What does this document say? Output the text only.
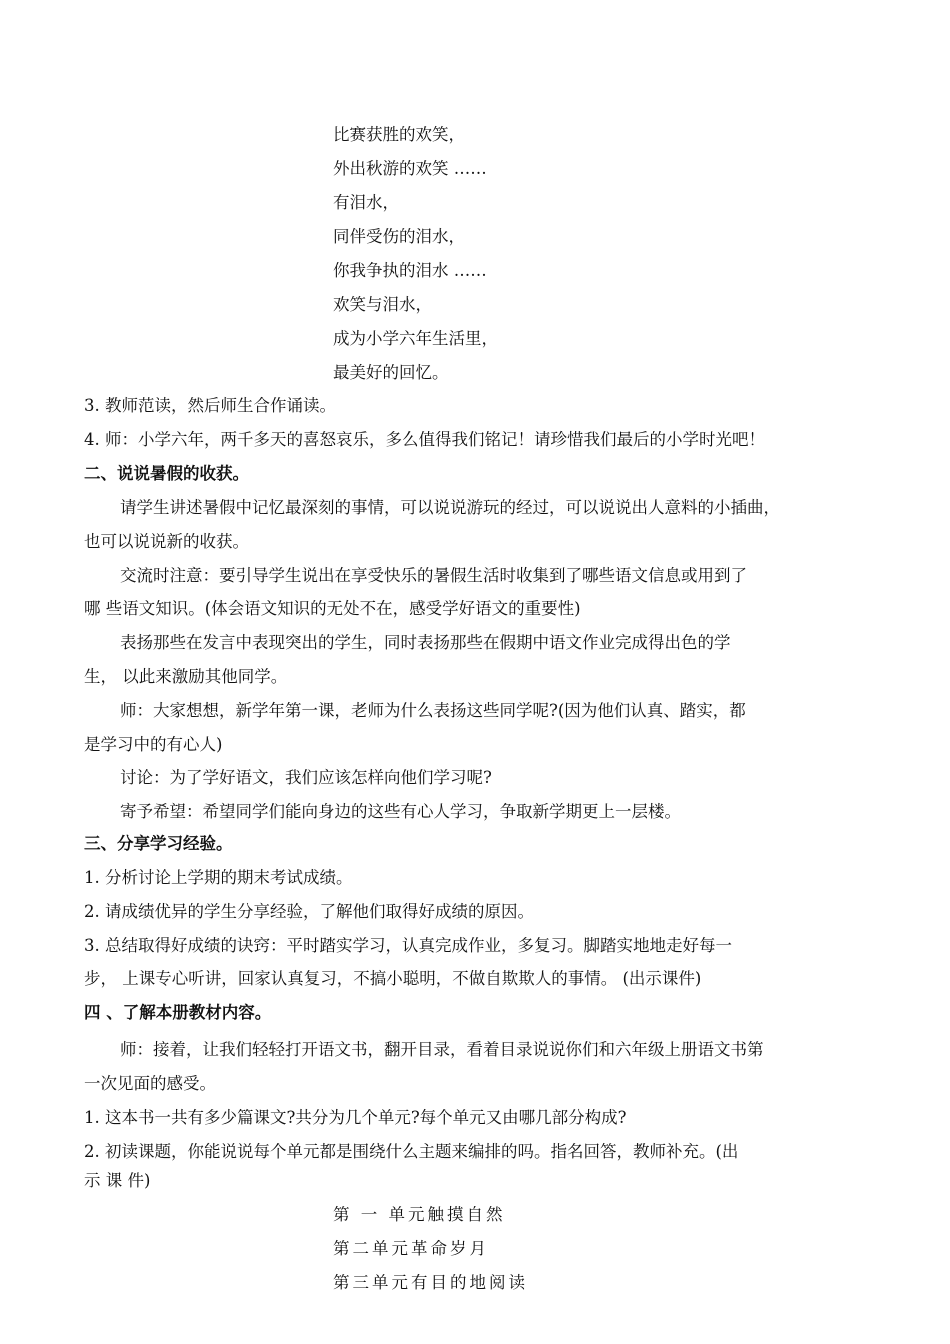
比赛获胜的欢笑，
外出秋游的欢笑 ……
有泪水，
同伴受伤的泪水，
你我争执的泪水 ……
欢笑与泪水，
成为小学六年生活里，
最美好的回忆。
3. 教师范读，然后师生合作诵读。
4. 师：小学六年，两千多天的喜怒哀乐，多么值得我们铭记！请珍惜我们最后的小学时光吧！
二、说说暑假的收获。
请学生讲述暑假中记忆最深刻的事情，可以说说游玩的经过，可以说说出人意料的小插曲，
也可以说说新的收获。
交流时注意：要引导学生说出在享受快乐的暑假生活时收集到了哪些语文信息或用到了
哪 些语文知识。(体会语文知识的无处不在，感受学好语文的重要性)
表扬那些在发言中表现突出的学生，同时表扬那些在假期中语文作业完成得出色的学
生， 以此来激励其他同学。
师：大家想想，新学年第一课，老师为什么表扬这些同学呢?(因为他们认真、踏实，都
是学习中的有心人)
讨论：为了学好语文，我们应该怎样向他们学习呢?
寄予希望：希望同学们能向身边的这些有心人学习，争取新学期更上一层楼。
三、分享学习经验。
1. 分析讨论上学期的期末考试成绩。
2. 请成绩优异的学生分享经验，了解他们取得好成绩的原因。
3. 总结取得好成绩的诀窍：平时踏实学习，认真完成作业，多复习。脚踏实地地走好每一
步， 上课专心听讲，回家认真复习，不搞小聪明，不做自欺欺人的事情。 (出示课件)
四 、了解本册教材内容。
师：接着，让我们轻轻打开语文书，翻开目录，看着目录说说你们和六年级上册语文书第
一次见面的感受。
1. 这本书一共有多少篇课文?共分为几个单元?每个单元又由哪几部分构成?
2. 初读课题，你能说说每个单元都是围绕什么主题来编排的吗。指名回答，教师补充。(出
示 课 件)
第 一 单元触摸自然
第二单元革命岁月
第三单元有目的地阅读
